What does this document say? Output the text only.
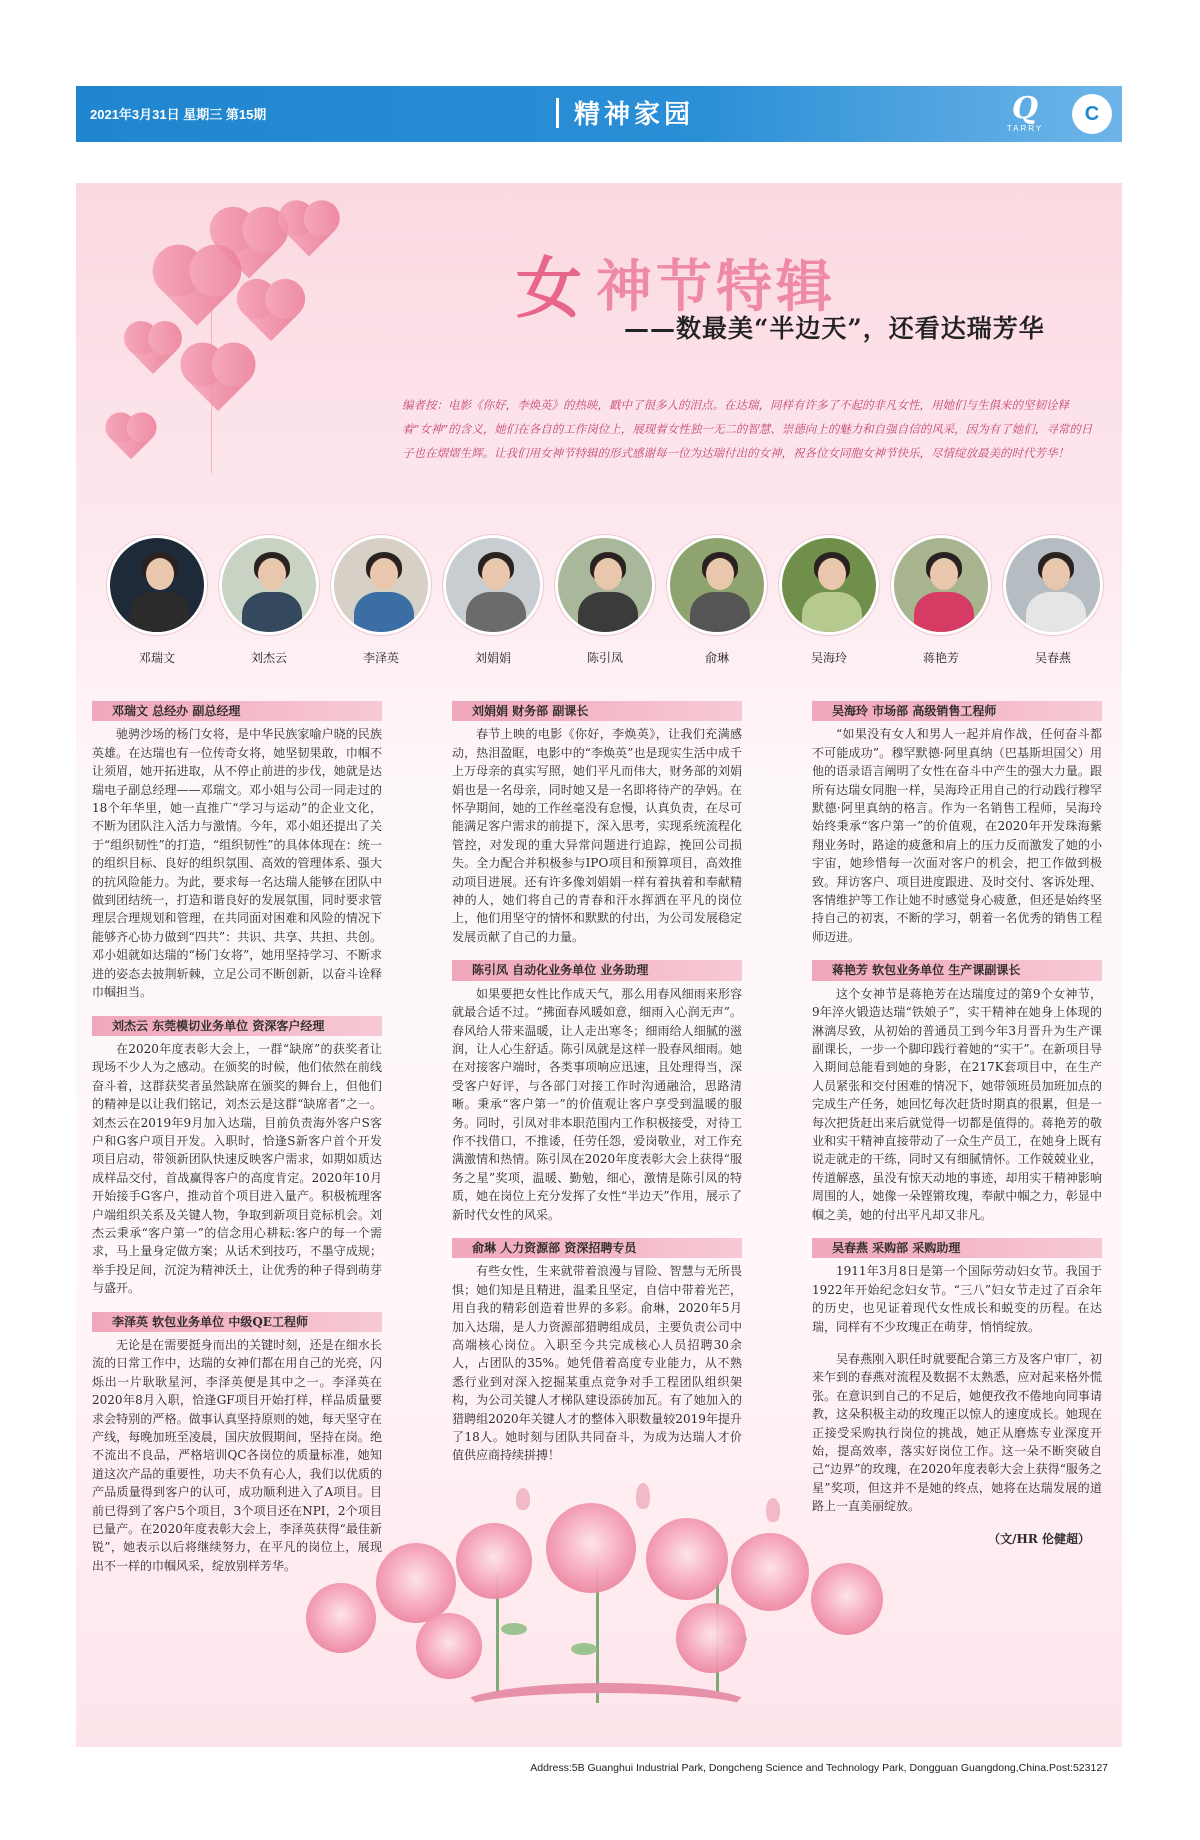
2021年3月31日 星期三 第15期	精神家园	Q
TARRY
C
女 神节特辑
——数最美“半边天”，还看达瑞芳华
编者按：电影《你好，李焕英》的热映，戳中了很多人的泪点。在达瑞，同样有许多了不起的非凡女性，用她们与生俱来的坚韧诠释着“女神”的含义，她们在各自的工作岗位上，展现着女性独一无二的智慧、崇德向上的魅力和自强自信的风采，因为有了她们，寻常的日子也在熠熠生辉。让我们用女神节特辑的形式感谢每一位为达瑞付出的女神，祝各位女同胞女神节快乐，尽情绽放最美的时代芳华！
邓瑞文	刘杰云	李泽英	刘娟娟	陈引凤	俞琳	吴海玲	蒋艳芳	吴春燕
邓瑞文 总经办 副总经理
驰骋沙场的杨门女将，是中华民族家喻户晓的民族英雄。在达瑞也有一位传奇女将，她坚韧果敢，巾帼不让须眉，她开拓进取，从不停止前进的步伐，她就是达瑞电子副总经理——邓瑞文。邓小姐与公司一同走过的18个年华里，她一直推广“学习与运动”的企业文化，不断为团队注入活力与激情。今年，邓小姐还提出了关于“组织韧性”的打造，“组织韧性”的具体体现在：统一的组织目标、良好的组织氛围、高效的管理体系、强大的抗风险能力。为此，要求每一名达瑞人能够在团队中做到团结统一，打造和谐良好的发展氛围，同时要求管理层合理规划和管理，在共同面对困难和风险的情况下能够齐心协力做到“四共”：共识、共享、共担、共创。邓小姐就如达瑞的“杨门女将”，她用坚持学习、不断求进的姿态去披荆斩棘，立足公司不断创新，以奋斗诠释巾帼担当。
刘杰云 东莞模切业务单位 资深客户经理
在2020年度表彰大会上，一群“缺席”的获奖者让现场不少人为之感动。在颁奖的时候，他们依然在前线奋斗着，这群获奖者虽然缺席在颁奖的舞台上，但他们的精神是以让我们铭记，刘杰云是这群“缺席者”之一。刘杰云在2019年9月加入达瑞，目前负责海外客户S客户和G客户项目开发。入职时，恰逢S新客户首个开发项目启动，带领新团队快速反映客户需求，如期如质达成样品交付，首战赢得客户的高度肯定。2020年10月开始接手G客户，推动首个项目进入量产。积极梳理客户端组织关系及关键人物，争取到新项目竞标机会。刘杰云秉承“客户第一”的信念用心耕耘:客户的每一个需求，马上量身定做方案；从话术到技巧，不墨守成规；举手投足间，沉淀为精神沃土，让优秀的种子得到萌芽与盛开。
李泽英 软包业务单位 中级QE工程师
无论是在需要挺身而出的关键时刻，还是在细水长流的日常工作中，达瑞的女神们都在用自己的光亮，闪烁出一片耿耿星河，李泽英便是其中之一。李泽英在2020年8月入职，恰逢GF项目开始打样，样品质量要求会特别的严格。做事认真坚持原则的她，每天坚守在产线，每晚加班至凌晨，国庆放假期间，坚持在岗。绝不流出不良品，严格培训QC各岗位的质量标准，她知道这次产品的重要性，功夫不负有心人，我们以优质的产品质量得到客户的认可，成功顺利进入了A项目。目前已得到了客户5个项目，3个项目还在NPI，2个项目已量产。在2020年度表彰大会上，李泽英获得“最佳新锐”，她表示以后将继续努力，在平凡的岗位上，展现出不一样的巾帼风采，绽放别样芳华。
刘娟娟 财务部 副课长
春节上映的电影《你好，李焕英》，让我们充满感动，热泪盈眶，电影中的“李焕英”也是现实生活中成千上万母亲的真实写照，她们平凡而伟大，财务部的刘娟娟也是一名母亲，同时她又是一名即将待产的孕妈。在怀孕期间，她的工作丝毫没有怠慢，认真负责，在尽可能满足客户需求的前提下，深入思考，实现系统流程化管控，对发现的重大异常问题进行追踪，挽回公司损失。全力配合并积极参与IPO项目和预算项目，高效推动项目进展。还有许多像刘娟娟一样有着执着和奉献精神的人，她们将自己的青春和汗水挥洒在平凡的岗位上，他们用坚守的情怀和默默的付出，为公司发展稳定发展贡献了自己的力量。
陈引凤 自动化业务单位 业务助理
如果要把女性比作成天气，那么用春风细雨来形容就最合适不过。“拂面春风暖如意，细雨入心润无声”。春风给人带来温暖，让人走出寒冬；细雨给人细腻的滋润，让人心生舒适。陈引凤就是这样一股春风细雨。她在对接客户端时，各类事项响应迅速，且处理得当，深受客户好评，与各部门对接工作时沟通融洽，思路清晰。秉承“客户第一”的价值观让客户享受到温暖的服务。同时，引凤对非本职范围内工作积极接受，对待工作不找借口，不推诿，任劳任怨，爱岗敬业，对工作充满激情和热情。陈引凤在2020年度表彰大会上获得“服务之星”奖项，温暖、勤勉，细心，激情是陈引凤的特质，她在岗位上充分发挥了女性“半边天”作用，展示了新时代女性的风采。
俞琳 人力资源部 资深招聘专员
有些女性，生来就带着浪漫与冒险、智慧与无所畏惧；她们知是且精进，温柔且坚定，自信中带着光芒，用自我的精彩创造着世界的多彩。俞琳，2020年5月加入达瑞，是人力资源部猎聘组成员，主要负责公司中高端核心岗位。入职至今共完成核心人员招聘30余人，占团队的35%。她凭借着高度专业能力，从不熟悉行业到对深入挖掘某重点竞争对手工程团队组织架构，为公司关键人才梯队建设添砖加瓦。有了她加入的猎聘组2020年关键人才的整体入职数量较2019年提升了18人。她时刻与团队共同奋斗，为成为达瑞人才价值供应商持续拼搏！
吴海玲 市场部 高级销售工程师
“如果没有女人和男人一起并肩作战，任何奋斗都不可能成功”。穆罕默德·阿里真纳（巴基斯坦国父）用他的语录语言阐明了女性在奋斗中产生的强大力量。跟所有达瑞女同胞一样，吴海玲正用自己的行动践行穆罕默德·阿里真纳的格言。作为一名销售工程师，吴海玲始终秉承“客户第一”的价值观，在2020年开发珠海紫翔业务时，路途的疲惫和肩上的压力反而激发了她的小宇宙，她珍惜每一次面对客户的机会，把工作做到极致。拜访客户、项目进度跟进、及时交付、客诉处理、客情维护等工作让她不时感觉身心疲惫，但还是始终坚持自己的初衷，不断的学习，朝着一名优秀的销售工程师迈进。
蒋艳芳 软包业务单位 生产课副课长
这个女神节是蒋艳芳在达瑞度过的第9个女神节，9年淬火锻造达瑞“铁娘子”，实干精神在她身上体现的淋漓尽致，从初始的普通员工到今年3月晋升为生产课副课长，一步一个脚印践行着她的“实干”。在新项目导入期间总能看到她的身影，在217K套项目中，在生产人员紧张和交付困难的情况下，她带领班员加班加点的完成生产任务，她回忆每次赶货时期真的很累，但是一每次把货赶出来后就觉得一切都是值得的。蒋艳芳的敬业和实干精神直接带动了一众生产员工，在她身上既有说走就走的干练，同时又有细腻情怀。工作兢兢业业，传道解惑，虽没有惊天动地的事迹，却用实干精神影响周围的人，她像一朵铿锵玫瑰，奉献中帼之力，彰显中帼之美，她的付出平凡却又非凡。
吴春燕 采购部 采购助理
1911年3月8日是第一个国际劳动妇女节。我国于1922年开始纪念妇女节。“三八”妇女节走过了百余年的历史，也见证着现代女性成长和蜕变的历程。在达瑞，同样有不少玫瑰正在萌芽，悄悄绽放。
吴春燕刚入职任时就要配合第三方及客户审厂，初来乍到的春燕对流程及数据不太熟悉，应对起来格外慌张。在意识到自己的不足后，她便孜孜不倦地向同事请教，这朵积极主动的玫瑰正以惊人的速度成长。她现在正接受采购执行岗位的挑战，她正从磨炼专业深度开始，提高效率，落实好岗位工作。这一朵不断突破自己“边界”的玫瑰，在2020年度表彰大会上获得“服务之星”奖项，但这并不是她的终点，她将在达瑞发展的道路上一直美丽绽放。
（文/HR 伦健超）
Address:5B Guanghui Industrial Park, Dongcheng Science and Technology Park, Dongguan Guangdong,China.Post:523127
